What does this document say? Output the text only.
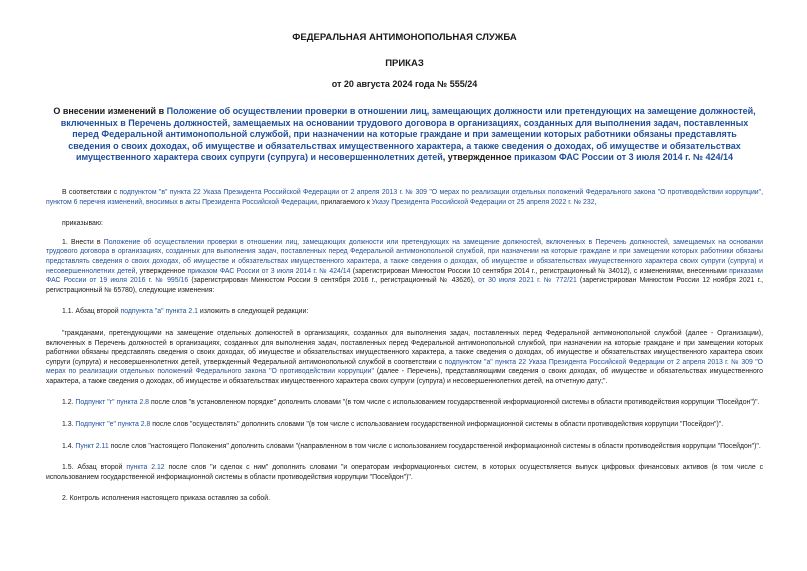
ФЕДЕРАЛЬНАЯ АНТИМОНОПОЛЬНАЯ СЛУЖБА
ПРИКАЗ
от 20 августа 2024 года № 555/24
О внесении изменений в Положение об осуществлении проверки в отношении лиц, замещающих должности или претендующих на замещение должностей, включенных в Перечень должностей, замещаемых на основании трудового договора в организациях, созданных для выполнения задач, поставленных перед Федеральной антимонопольной службой, при назначении на которые граждане и при замещении которых работники обязаны представлять сведения о своих доходах, об имуществе и обязательствах имущественного характера, а также сведения о доходах, об имуществе и обязательствах имущественного характера своих супруги (супруга) и несовершеннолетних детей, утвержденное приказом ФАС России от 3 июля 2014 г. № 424/14

В соответствии с подпунктом "в" пункта 22 Указа Президента Российской Федерации от 2 апреля 2013 г. № 309 "О мерах по реализации отдельных положений Федерального закона "О противодействии коррупции", пунктом 6 перечня изменений, вносимых в акты Президента Российской Федерации, прилагаемого к Указу Президента Российской Федерации от 25 апреля 2022 г. № 232,

приказываю:

1. Внести в Положение об осуществлении проверки в отношении лиц, замещающих должности или претендующих на замещение должностей, включенных в Перечень должностей, замещаемых на основании трудового договора в организациях, созданных для выполнения задач, поставленных перед Федеральной антимонопольной службой, при назначении на которые граждане и при замещении которых работники обязаны представлять сведения о своих доходах, об имуществе и обязательствах имущественного характера, а также сведения о доходах, об имуществе и обязательствах имущественного характера своих супруги (супруга) и несовершеннолетних детей, утвержденное приказом ФАС России от 3 июля 2014 г. № 424/14 (зарегистрирован Минюстом России 10 сентября 2014 г., регистрационный № 34012), с изменениями, внесенными приказами ФАС России от 19 июля 2016 г. № 995/16 (зарегистрирован Минюстом России 9 сентября 2016 г., регистрационный № 43626), от 30 июля 2021 г. № 772/21 (зарегистрирован Минюстом России 12 ноября 2021 г., регистрационный № 65780), следующие изменения:

1.1. Абзац второй подпункта "а" пункта 2.1 изложить в следующей редакции:

"гражданами, претендующими на замещение отдельных должностей в организациях, созданных для выполнения задач, поставленных перед Федеральной антимонопольной службой (далее - Организации), включенных в Перечень должностей в организациях, созданных для выполнения задач, поставленных перед Федеральной антимонопольной службой, при назначении на которые граждане и при замещении которых работники обязаны представлять сведения о своих доходах, об имуществе и обязательствах имущественного характера, а также сведения о доходах, об имуществе и обязательствах имущественного характера своих супруги (супруга) и несовершеннолетних детей, утвержденный Федеральной антимонопольной службой в соответствии с подпунктом "а" пункта 22 Указа Президента Российской Федерации от 2 апреля 2013 г. № 309 "О мерах по реализации отдельных положений Федерального закона "О противодействии коррупции" (далее - Перечень), представляющими сведения о своих доходах, об имуществе и обязательствах имущественного характера, а также сведения о доходах, об имуществе и обязательствах имущественного характера своих супруги (супруга) и несовершеннолетних детей, на отчетную дату;".

1.2. Подпункт "г" пункта 2.8 после слов "в установленном порядке" дополнить словами "(в том числе с использованием государственной информационной системы в области противодействия коррупции "Посейдон")".

1.3. Подпункт "е" пункта 2.8 после слов "осуществлять" дополнить словами "(в том числе с использованием государственной информационной системы в области противодействия коррупции "Посейдон")".

1.4. Пункт 2.11 после слов "настоящего Положения" дополнить словами "(направленном в том числе с использованием государственной информационной системы в области противодействия коррупции "Посейдон")".

1.5. Абзац второй пункта 2.12 после слов "и сделок с ним" дополнить словами "и операторам информационных систем, в которых осуществляется выпуск цифровых финансовых активов (в том числе с использованием государственной информационной системы в области противодействия коррупции "Посейдон")".

2. Контроль исполнения настоящего приказа оставляю за собой.
